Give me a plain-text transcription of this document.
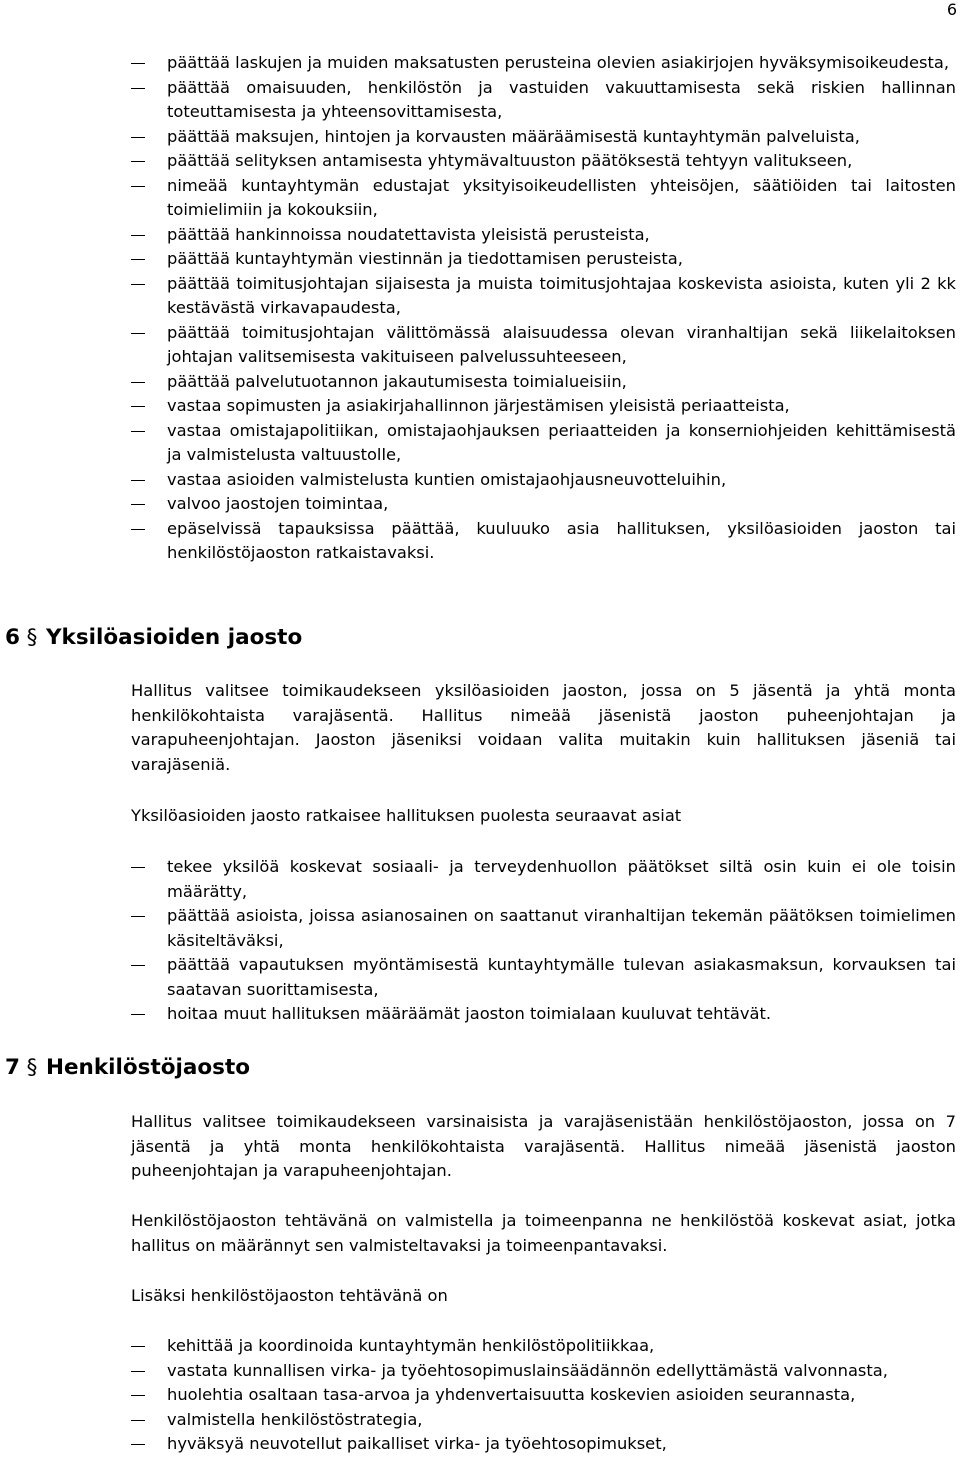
6
päättää laskujen ja muiden maksatusten perusteina olevien asiakirjojen hyväksymisoikeudesta,
päättää omaisuuden, henkilöstön ja vastuiden vakuuttamisesta sekä riskien hallinnan toteuttamisesta ja yhteensovittamisesta,
päättää maksujen, hintojen ja korvausten määräämisestä kuntayhtymän palveluista,
päättää selityksen antamisesta yhtymävaltuuston päätöksestä tehtyyn valitukseen,
nimeää kuntayhtymän edustajat yksityisoikeudellisten yhteisöjen, säätiöiden tai laitosten toimielimiin ja kokouksiin,
päättää hankinnoissa noudatettavista yleisistä perusteista,
päättää kuntayhtymän viestinnän ja tiedottamisen perusteista,
päättää toimitusjohtajan sijaisesta ja muista toimitusjohtajaa koskevista asioista, kuten yli 2 kk kestävästä virkavapaudesta,
päättää toimitusjohtajan välittömässä alaisuudessa olevan viranhaltijan sekä liikelaitoksen johtajan valitsemisesta vakituiseen palvelussuhteeseen,
päättää palvelutuotannon jakautumisesta toimialueisiin,
vastaa sopimusten ja asiakirjahallinnon järjestämisen yleisistä periaatteista,
vastaa omistajapolitiikan, omistajaohjauksen periaatteiden ja konserniohjeiden kehittämisestä ja valmistelusta valtuustolle,
vastaa asioiden valmistelusta kuntien omistajaohjausneuvotteluihin,
valvoo jaostojen toimintaa,
epäselvissä tapauksissa päättää, kuuluuko asia hallituksen, yksilöasioiden jaoston tai henkilöstöjaoston ratkaistavaksi.
6 § Yksilöasioiden jaosto

Hallitus valitsee toimikaudekseen yksilöasioiden jaoston, jossa on 5 jäsentä ja yhtä monta henkilökohtaista varajäsentä. Hallitus nimeää jäsenistä jaoston puheenjohtajan ja varapuheenjohtajan. Jaoston jäseniksi voidaan valita muitakin kuin hallituksen jäseniä tai varajäseniä.

Yksilöasioiden jaosto ratkaisee hallituksen puolesta seuraavat asiat

tekee yksilöä koskevat sosiaali- ja terveydenhuollon päätökset siltä osin kuin ei ole toisin määrätty,
päättää asioista, joissa asianosainen on saattanut viranhaltijan tekemän päätöksen toimielimen käsiteltäväksi,
päättää vapautuksen myöntämisestä kuntayhtymälle tulevan asiakasmaksun, korvauksen tai saatavan suorittamisesta,
hoitaa muut hallituksen määräämät jaoston toimialaan kuuluvat tehtävät.
7 § Henkilöstöjaosto

Hallitus valitsee toimikaudekseen varsinaisista ja varajäsenistään henkilöstöjaoston, jossa on 7 jäsentä ja yhtä monta henkilökohtaista varajäsentä. Hallitus nimeää jäsenistä jaoston puheenjohtajan ja varapuheenjohtajan.

Henkilöstöjaoston tehtävänä on valmistella ja toimeenpanna ne henkilöstöä koskevat asiat, jotka hallitus on määrännyt sen valmisteltavaksi ja toimeenpantavaksi.

Lisäksi henkilöstöjaoston tehtävänä on

kehittää ja koordinoida kuntayhtymän henkilöstöpolitiikkaa,
vastata kunnallisen virka- ja työehtosopimuslainsäädännön edellyttämästä valvonnasta,
huolehtia osaltaan tasa-arvoa ja yhdenvertaisuutta koskevien asioiden seurannasta,
valmistella henkilöstöstrategia,
hyväksyä neuvotellut paikalliset virka- ja työehtosopimukset,
